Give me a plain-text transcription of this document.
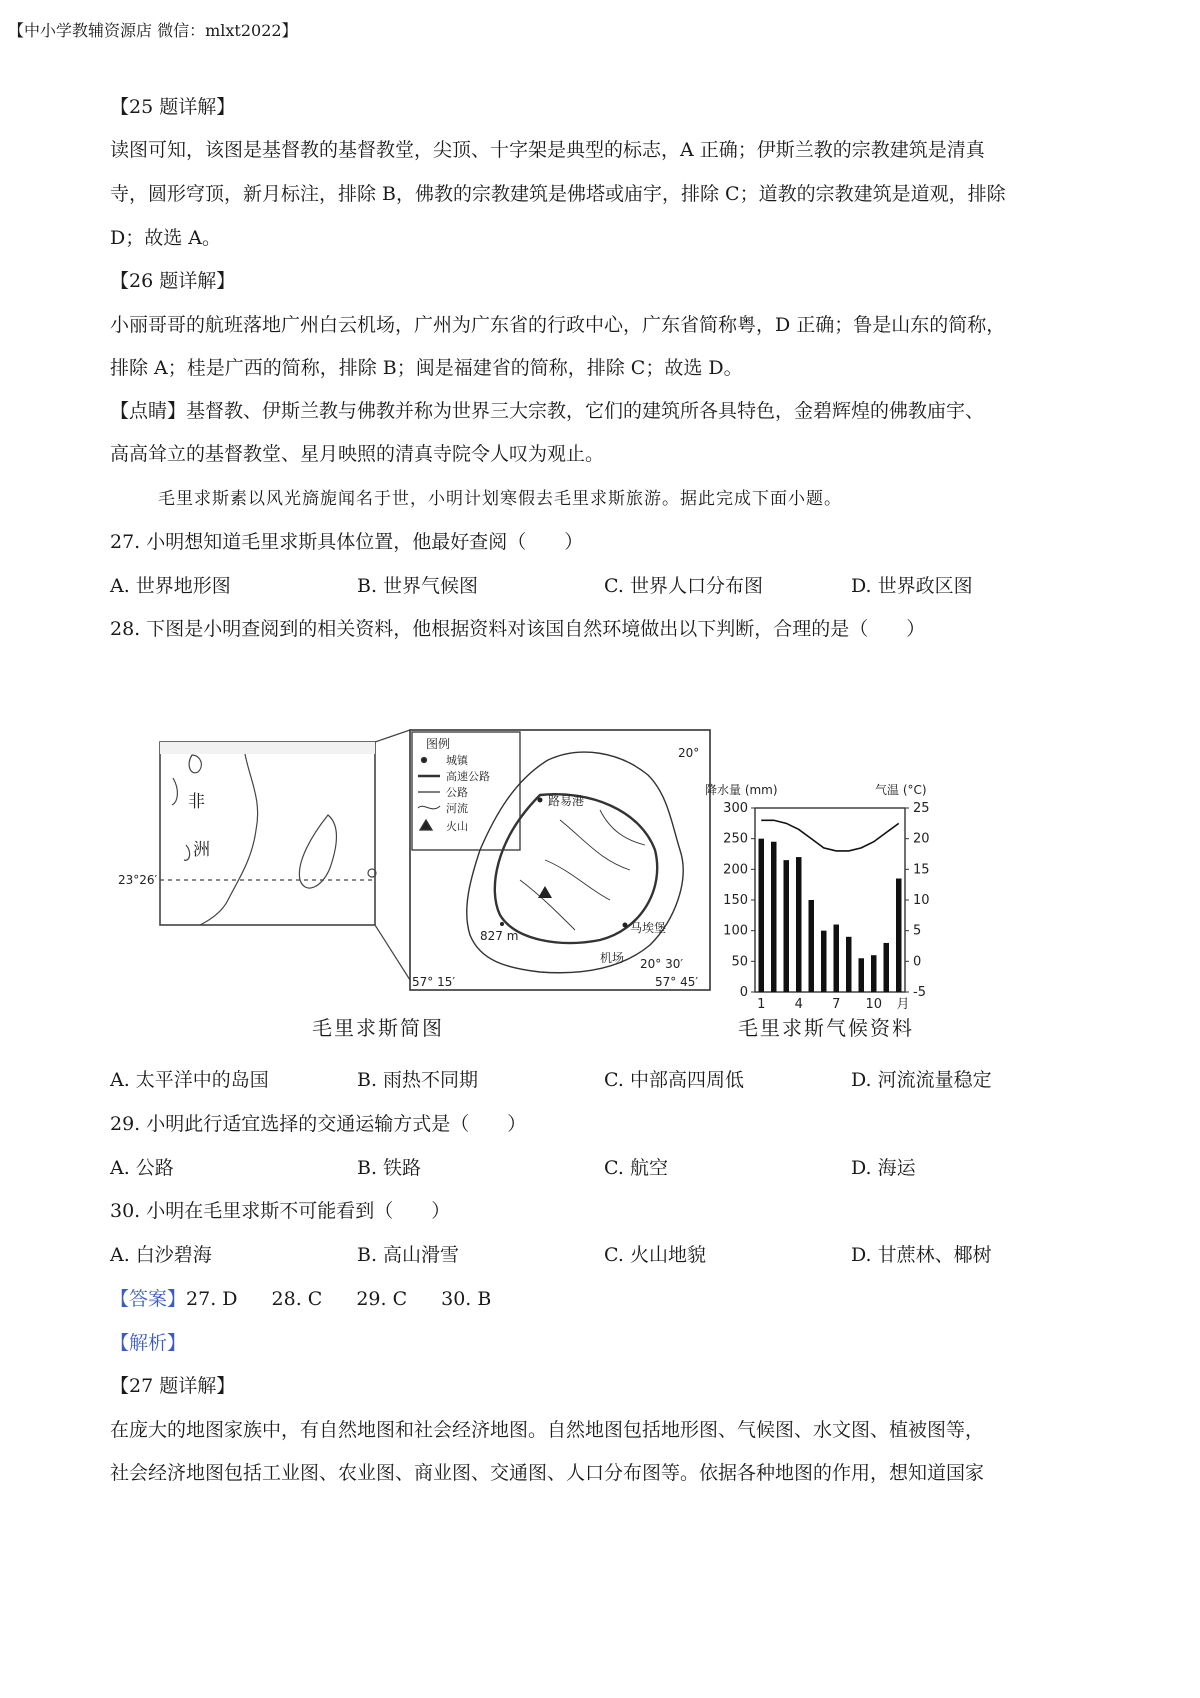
【中小学教辅资源店 微信：mlxt2022】
【25 题详解】
读图可知，该图是基督教的基督教堂，尖顶、十字架是典型的标志，A 正确；伊斯兰教的宗教建筑是清真
寺，圆形穹顶，新月标注，排除 B，佛教的宗教建筑是佛塔或庙宇，排除 C；道教的宗教建筑是道观，排除
D；故选 A。
【26 题详解】
小丽哥哥的航班落地广州白云机场，广州为广东省的行政中心，广东省简称粤，D 正确；鲁是山东的简称，
排除 A；桂是广西的简称，排除 B；闽是福建省的简称，排除 C；故选 D。
【点睛】基督教、伊斯兰教与佛教并称为世界三大宗教，它们的建筑所各具特色，金碧辉煌的佛教庙宇、
高高耸立的基督教堂、星月映照的清真寺院令人叹为观止。
毛里求斯素以风光旖旎闻名于世，小明计划寒假去毛里求斯旅游。据此完成下面小题。
27. 小明想知道毛里求斯具体位置，他最好查阅（　　）
A. 世界地形图	B. 世界气候图	C. 世界人口分布图	D. 世界政区图
28. 下图是小明查阅到的相关资料，他根据资料对该国自然环境做出以下判断，合理的是（　　）
非
洲
23°26′
图例
城镇
高速公路
公路
河流
火山
路易港
827 m
马埃堡
机场
20°
20° 30′
57° 15′	57° 45′
降水量 (mm)	气温 (°C)
0
50
100
150
200
250
300
-5
0
5
10
15
20
25
1 4 7 10 月
毛里求斯简图	毛里求斯气候资料
A. 太平洋中的岛国	B. 雨热不同期	C. 中部高四周低	D. 河流流量稳定
29. 小明此行适宜选择的交通运输方式是（　　）
A. 公路	B. 铁路	C. 航空	D. 海运
30. 小明在毛里求斯不可能看到（　　）
A. 白沙碧海	B. 高山滑雪	C. 火山地貌	D. 甘蔗林、椰树
【答案】27. D 28. C 29. C 30. B
【解析】
【27 题详解】
在庞大的地图家族中，有自然地图和社会经济地图。自然地图包括地形图、气候图、水文图、植被图等，
社会经济地图包括工业图、农业图、商业图、交通图、人口分布图等。依据各种地图的作用，想知道国家
